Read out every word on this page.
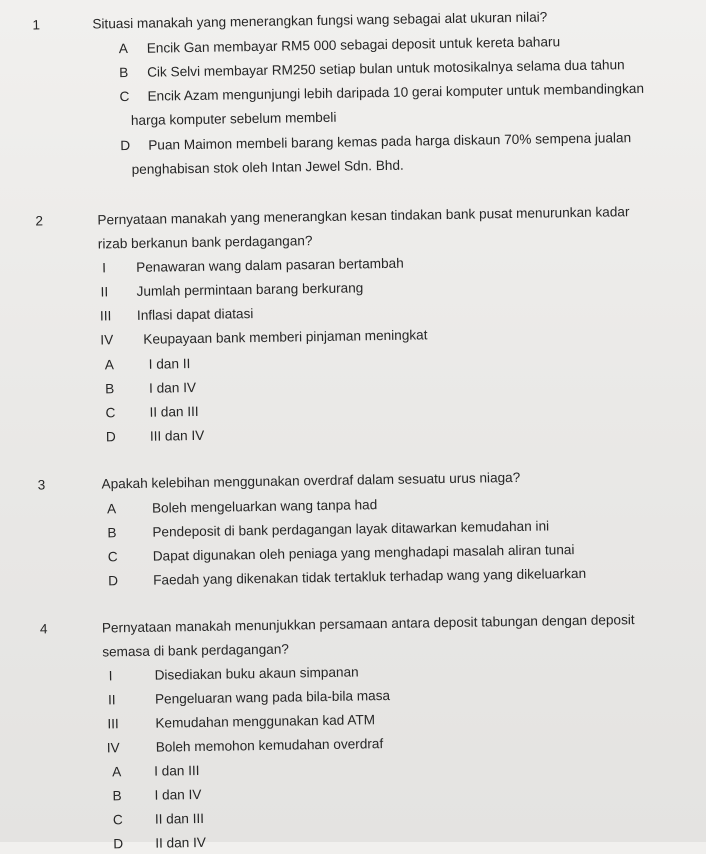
1	Situasi manakah yang menerangkan fungsi wang sebagai alat ukuran nilai?
A Encik Gan membayar RM5 000 sebagai deposit untuk kereta baharu
B Cik Selvi membayar RM250 setiap bulan untuk motosikalnya selama dua tahun
C Encik Azam mengunjungi lebih daripada 10 gerai komputer untuk membandingkan
harga komputer sebelum membeli
D Puan Maimon membeli barang kemas pada harga diskaun 70% sempena jualan
penghabisan stok oleh Intan Jewel Sdn. Bhd.
2	Pernyataan manakah yang menerangkan kesan tindakan bank pusat menurunkan kadar
rizab berkanun bank perdagangan?
I Penawaran wang dalam pasaran bertambah
II Jumlah permintaan barang berkurang
III Inflasi dapat diatasi
IV Keupayaan bank memberi pinjaman meningkat
A	I dan II
B	I dan IV
C II dan III
D III dan IV
3	Apakah kelebihan menggunakan overdraf dalam sesuatu urus niaga?
A	Boleh mengeluarkan wang tanpa had
B	Pendeposit di bank perdagangan layak ditawarkan kemudahan ini
C	Dapat digunakan oleh peniaga yang menghadapi masalah aliran tunai
D	Faedah yang dikenakan tidak tertakluk terhadap wang yang dikeluarkan
4	Pernyataan manakah menunjukkan persamaan antara deposit tabungan dengan deposit
semasa di bank perdagangan?
I	Disediakan buku akaun simpanan
II	Pengeluaran wang pada bila-bila masa
III	Kemudahan menggunakan kad ATM
IV	Boleh memohon kemudahan overdraf
A I dan III
B I dan IV
C II dan III
D II dan IV
